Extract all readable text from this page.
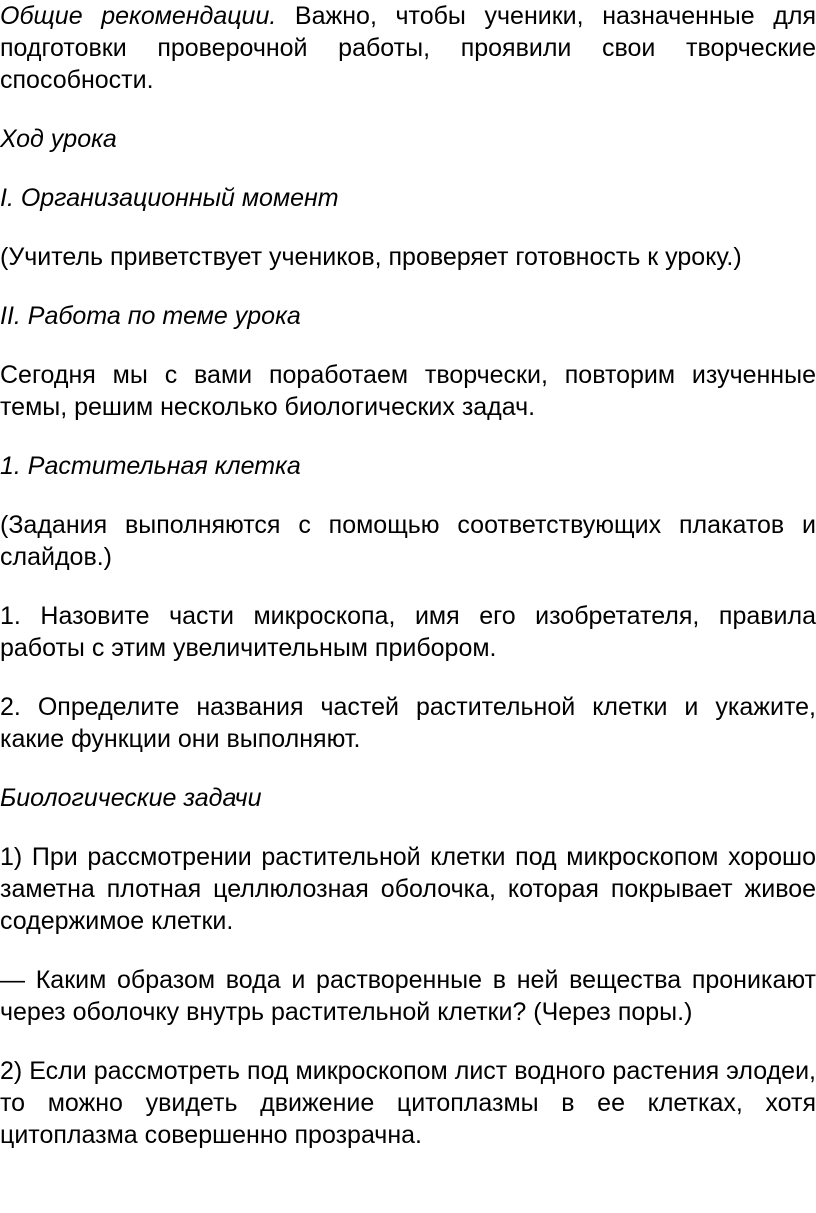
Общие рекомендации. Важно, чтобы ученики, назначенные для подготовки проверочной работы, проявили свои творческие способности.

Ход урока

I. Организационный момент

(Учитель приветствует учеников, проверяет готовность к уроку.)

II. Работа по теме урока

Сегодня мы с вами поработаем творчески, повторим изученные темы, решим несколько биологических задач.

1. Растительная клетка

(Задания выполняются с помощью соответствующих плакатов и слайдов.)

1. Назовите части микроскопа, имя его изобретателя, правила работы с этим увеличительным прибором.

2. Определите названия частей растительной клетки и укажите, какие функции они выполняют.

Биологические задачи

1) При рассмотрении растительной клетки под микроскопом хорошо заметна плотная целлюлозная оболочка, которая покрывает живое содержимое клетки.

— Каким образом вода и растворенные в ней вещества проникают через оболочку внутрь растительной клетки? (Через поры.)

2) Если рассмотреть под микроскопом лист водного растения элодеи, то можно увидеть движение цитоплазмы в ее клетках, хотя цитоплазма совершенно прозрачна.
